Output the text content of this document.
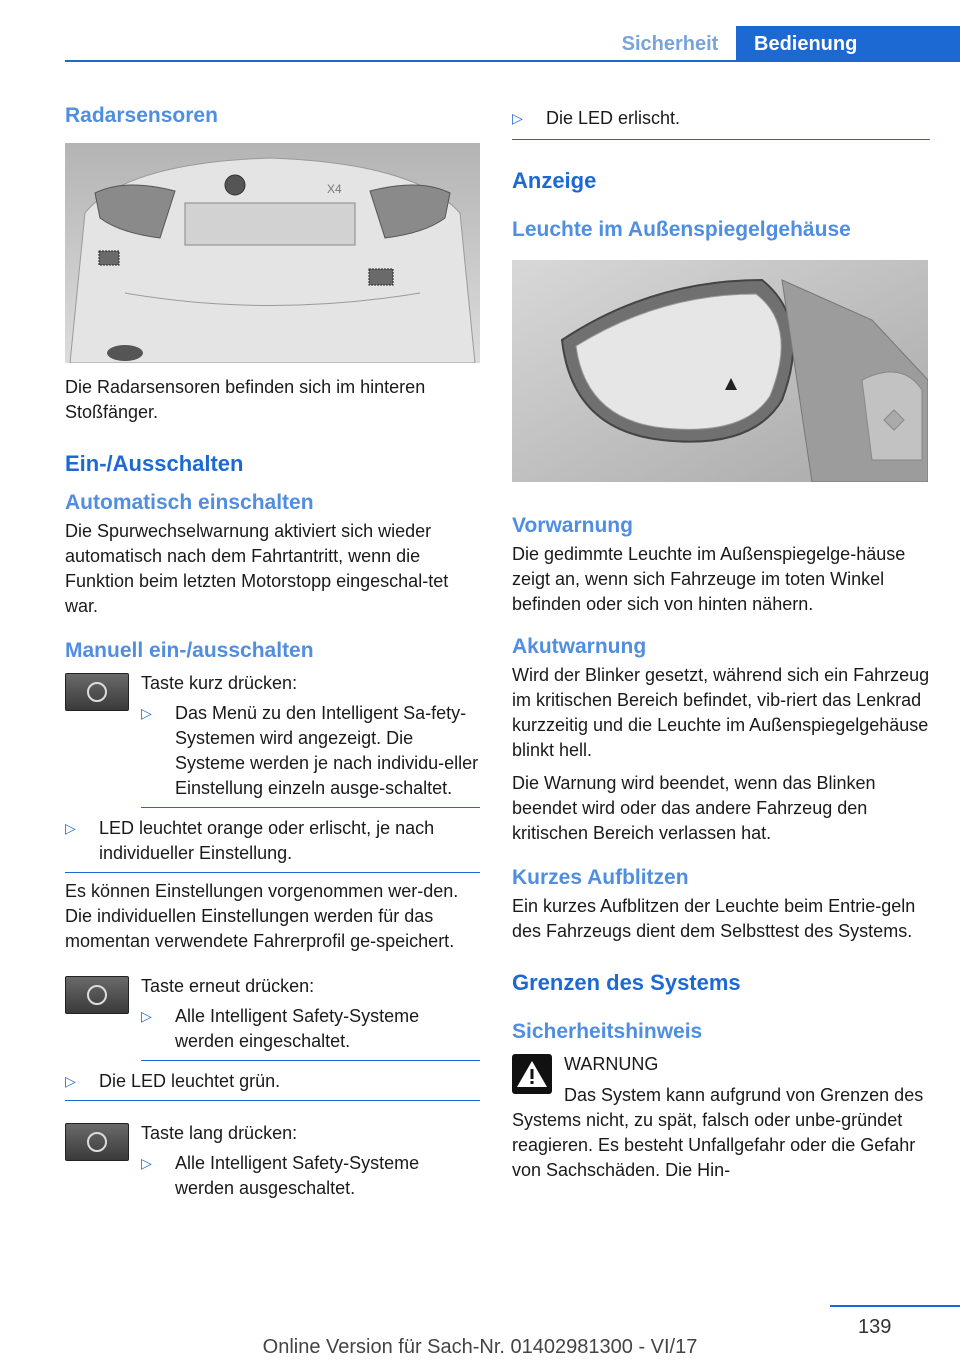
Sicherheit	Bedienung
Radarsensoren
X4

Die Radarsensoren befinden sich im hinteren Stoßfänger.

Ein-/Ausschalten
Automatisch einschalten

Die Spurwechselwarnung aktiviert sich wieder automatisch nach dem Fahrtantritt, wenn die Funktion beim letzten Motorstopp eingeschal-tet war.

Manuell ein-/ausschalten

Taste kurz drücken:

▷	Das Menü zu den Intelligent Sa-fety-Systemen wird angezeigt. Die Systeme werden je nach individu-eller Einstellung einzeln ausge-schaltet.
▷	LED leuchtet orange oder erlischt, je nach individueller Einstellung.

Es können Einstellungen vorgenommen wer-den. Die individuellen Einstellungen werden für das momentan verwendete Fahrerprofil ge-speichert.

Taste erneut drücken:

▷	Alle Intelligent Safety-Systeme werden eingeschaltet.
▷	Die LED leuchtet grün.

Taste lang drücken:

▷	Alle Intelligent Safety-Systeme werden ausgeschaltet.
▷	Die LED erlischt.
Anzeige
Leuchte im Außenspiegelgehäuse
Vorwarnung

Die gedimmte Leuchte im Außenspiegelge-häuse zeigt an, wenn sich Fahrzeuge im toten Winkel befinden oder sich von hinten nähern.

Akutwarnung

Wird der Blinker gesetzt, während sich ein Fahrzeug im kritischen Bereich befindet, vib-riert das Lenkrad kurzzeitig und die Leuchte im Außenspiegelgehäuse blinkt hell.

Die Warnung wird beendet, wenn das Blinken beendet wird oder das andere Fahrzeug den kritischen Bereich verlassen hat.

Kurzes Aufblitzen

Ein kurzes Aufblitzen der Leuchte beim Entrie-geln des Fahrzeugs dient dem Selbsttest des Systems.

Grenzen des Systems
Sicherheitshinweis

WARNUNG

Das System kann aufgrund von Grenzen des Systems nicht, zu spät, falsch oder unbe-gründet reagieren. Es besteht Unfallgefahr oder die Gefahr von Sachschäden. Die Hin-

139
Online Version für Sach-Nr. 01402981300 - VI/17
